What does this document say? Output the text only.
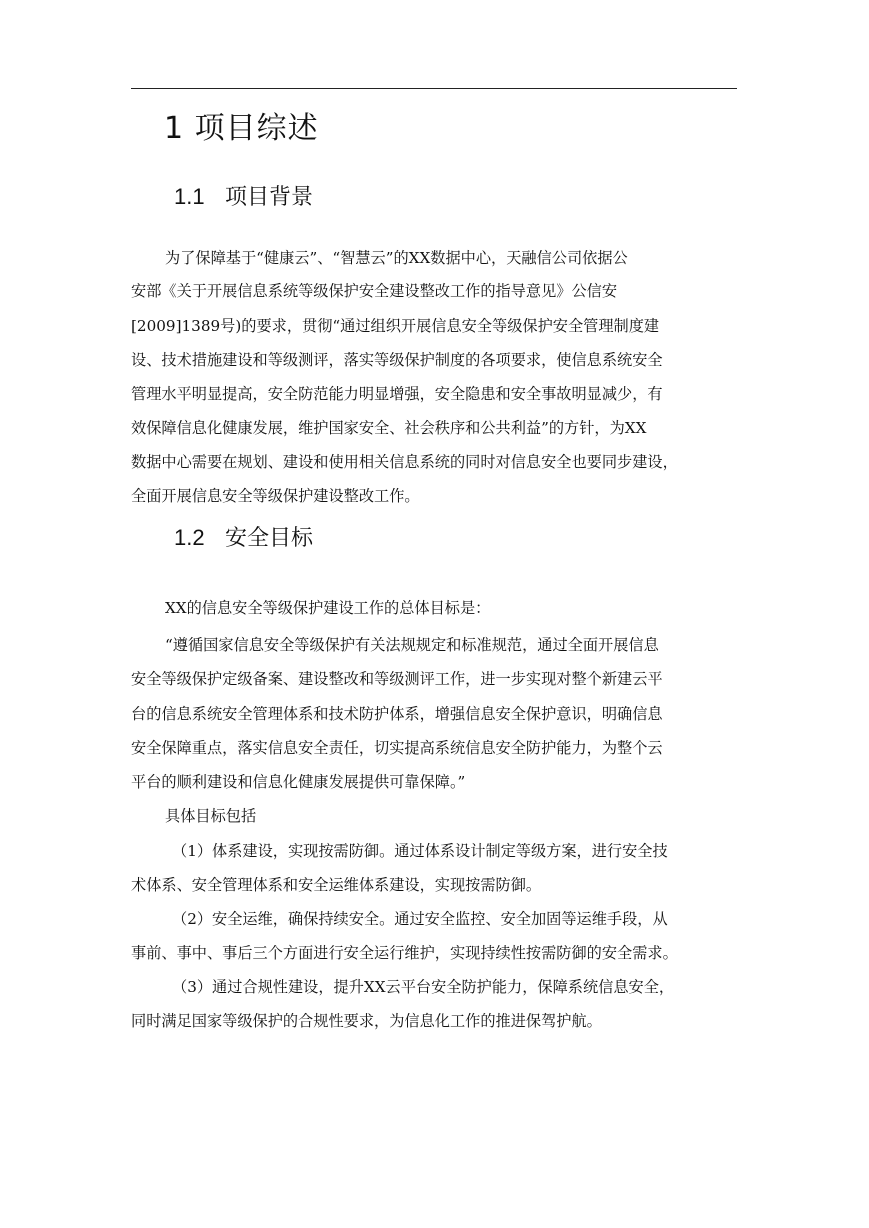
1 项目综述
1.1 项目背景
为了保障基于“健康云”、“智慧云”的XX数据中心，天融信公司依据公
安部《关于开展信息系统等级保护安全建设整改工作的指导意见》公信安
[2009]1389号)的要求，贯彻“通过组织开展信息安全等级保护安全管理制度建
设、技术措施建设和等级测评，落实等级保护制度的各项要求，使信息系统安全
管理水平明显提高，安全防范能力明显增强，安全隐患和安全事故明显减少，有
效保障信息化健康发展，维护国家安全、社会秩序和公共利益”的方针，为XX
数据中心需要在规划、建设和使用相关信息系统的同时对信息安全也要同步建设，
全面开展信息安全等级保护建设整改工作。
1.2 安全目标
XX的信息安全等级保护建设工作的总体目标是：
“遵循国家信息安全等级保护有关法规规定和标准规范，通过全面开展信息
安全等级保护定级备案、建设整改和等级测评工作，进一步实现对整个新建云平
台的信息系统安全管理体系和技术防护体系，增强信息安全保护意识，明确信息
安全保障重点，落实信息安全责任，切实提高系统信息安全防护能力，为整个云
平台的顺利建设和信息化健康发展提供可靠保障。”
具体目标包括
（1）体系建设，实现按需防御。通过体系设计制定等级方案，进行安全技
术体系、安全管理体系和安全运维体系建设，实现按需防御。
（2）安全运维，确保持续安全。通过安全监控、安全加固等运维手段，从
事前、事中、事后三个方面进行安全运行维护，实现持续性按需防御的安全需求。
（3）通过合规性建设，提升XX云平台安全防护能力，保障系统信息安全，
同时满足国家等级保护的合规性要求，为信息化工作的推进保驾护航。
